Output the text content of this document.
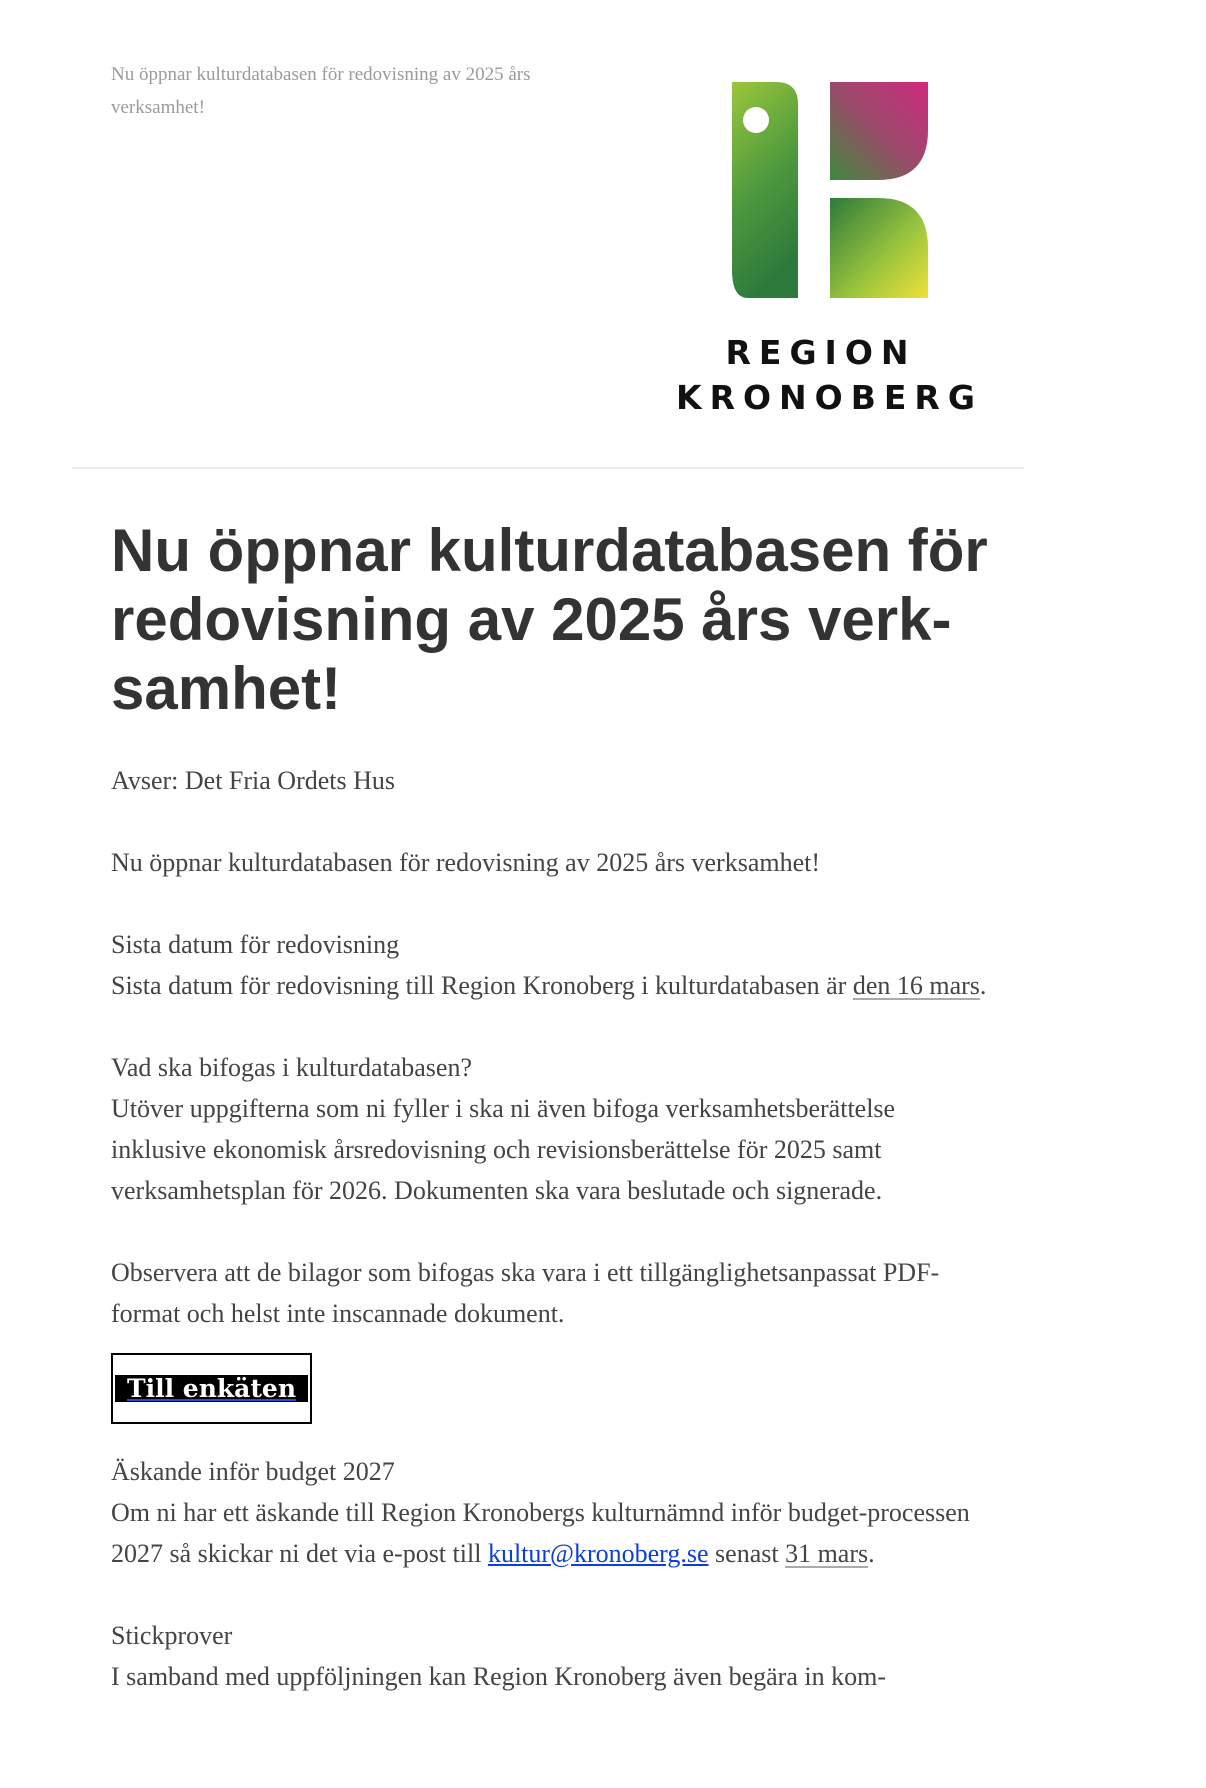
Nu öppnar kulturdatabasen för redovisning av 2025 års verksamhet!
REGION
KRONOBERG
Nu öppnar kulturdatabasen för redovisning av 2025 års verk-samhet!

Avser: Det Fria Ordets Hus

Nu öppnar kulturdatabasen för redovisning av 2025 års verksamhet!

Sista datum för redovisning

Sista datum för redovisning till Region Kronoberg i kulturdatabasen är den 16 mars.

Vad ska bifogas i kulturdatabasen?

Utöver uppgifterna som ni fyller i ska ni även bifoga verksamhetsberättelse inklusive ekonomisk årsredovisning och revisionsberättelse för 2025 samt verksamhetsplan för 2026. Dokumenten ska vara beslutade och signerade.

Observera att de bilagor som bifogas ska vara i ett tillgänglighetsanpassat PDF-format och helst inte inscannade dokument.

Till enkäten

Äskande inför budget 2027

Om ni har ett äskande till Region Kronobergs kulturnämnd inför budget-processen 2027 så skickar ni det via e-post till kultur@kronoberg.se senast 31 mars.

Stickprover

I samband med uppföljningen kan Region Kronoberg även begära in kom-
